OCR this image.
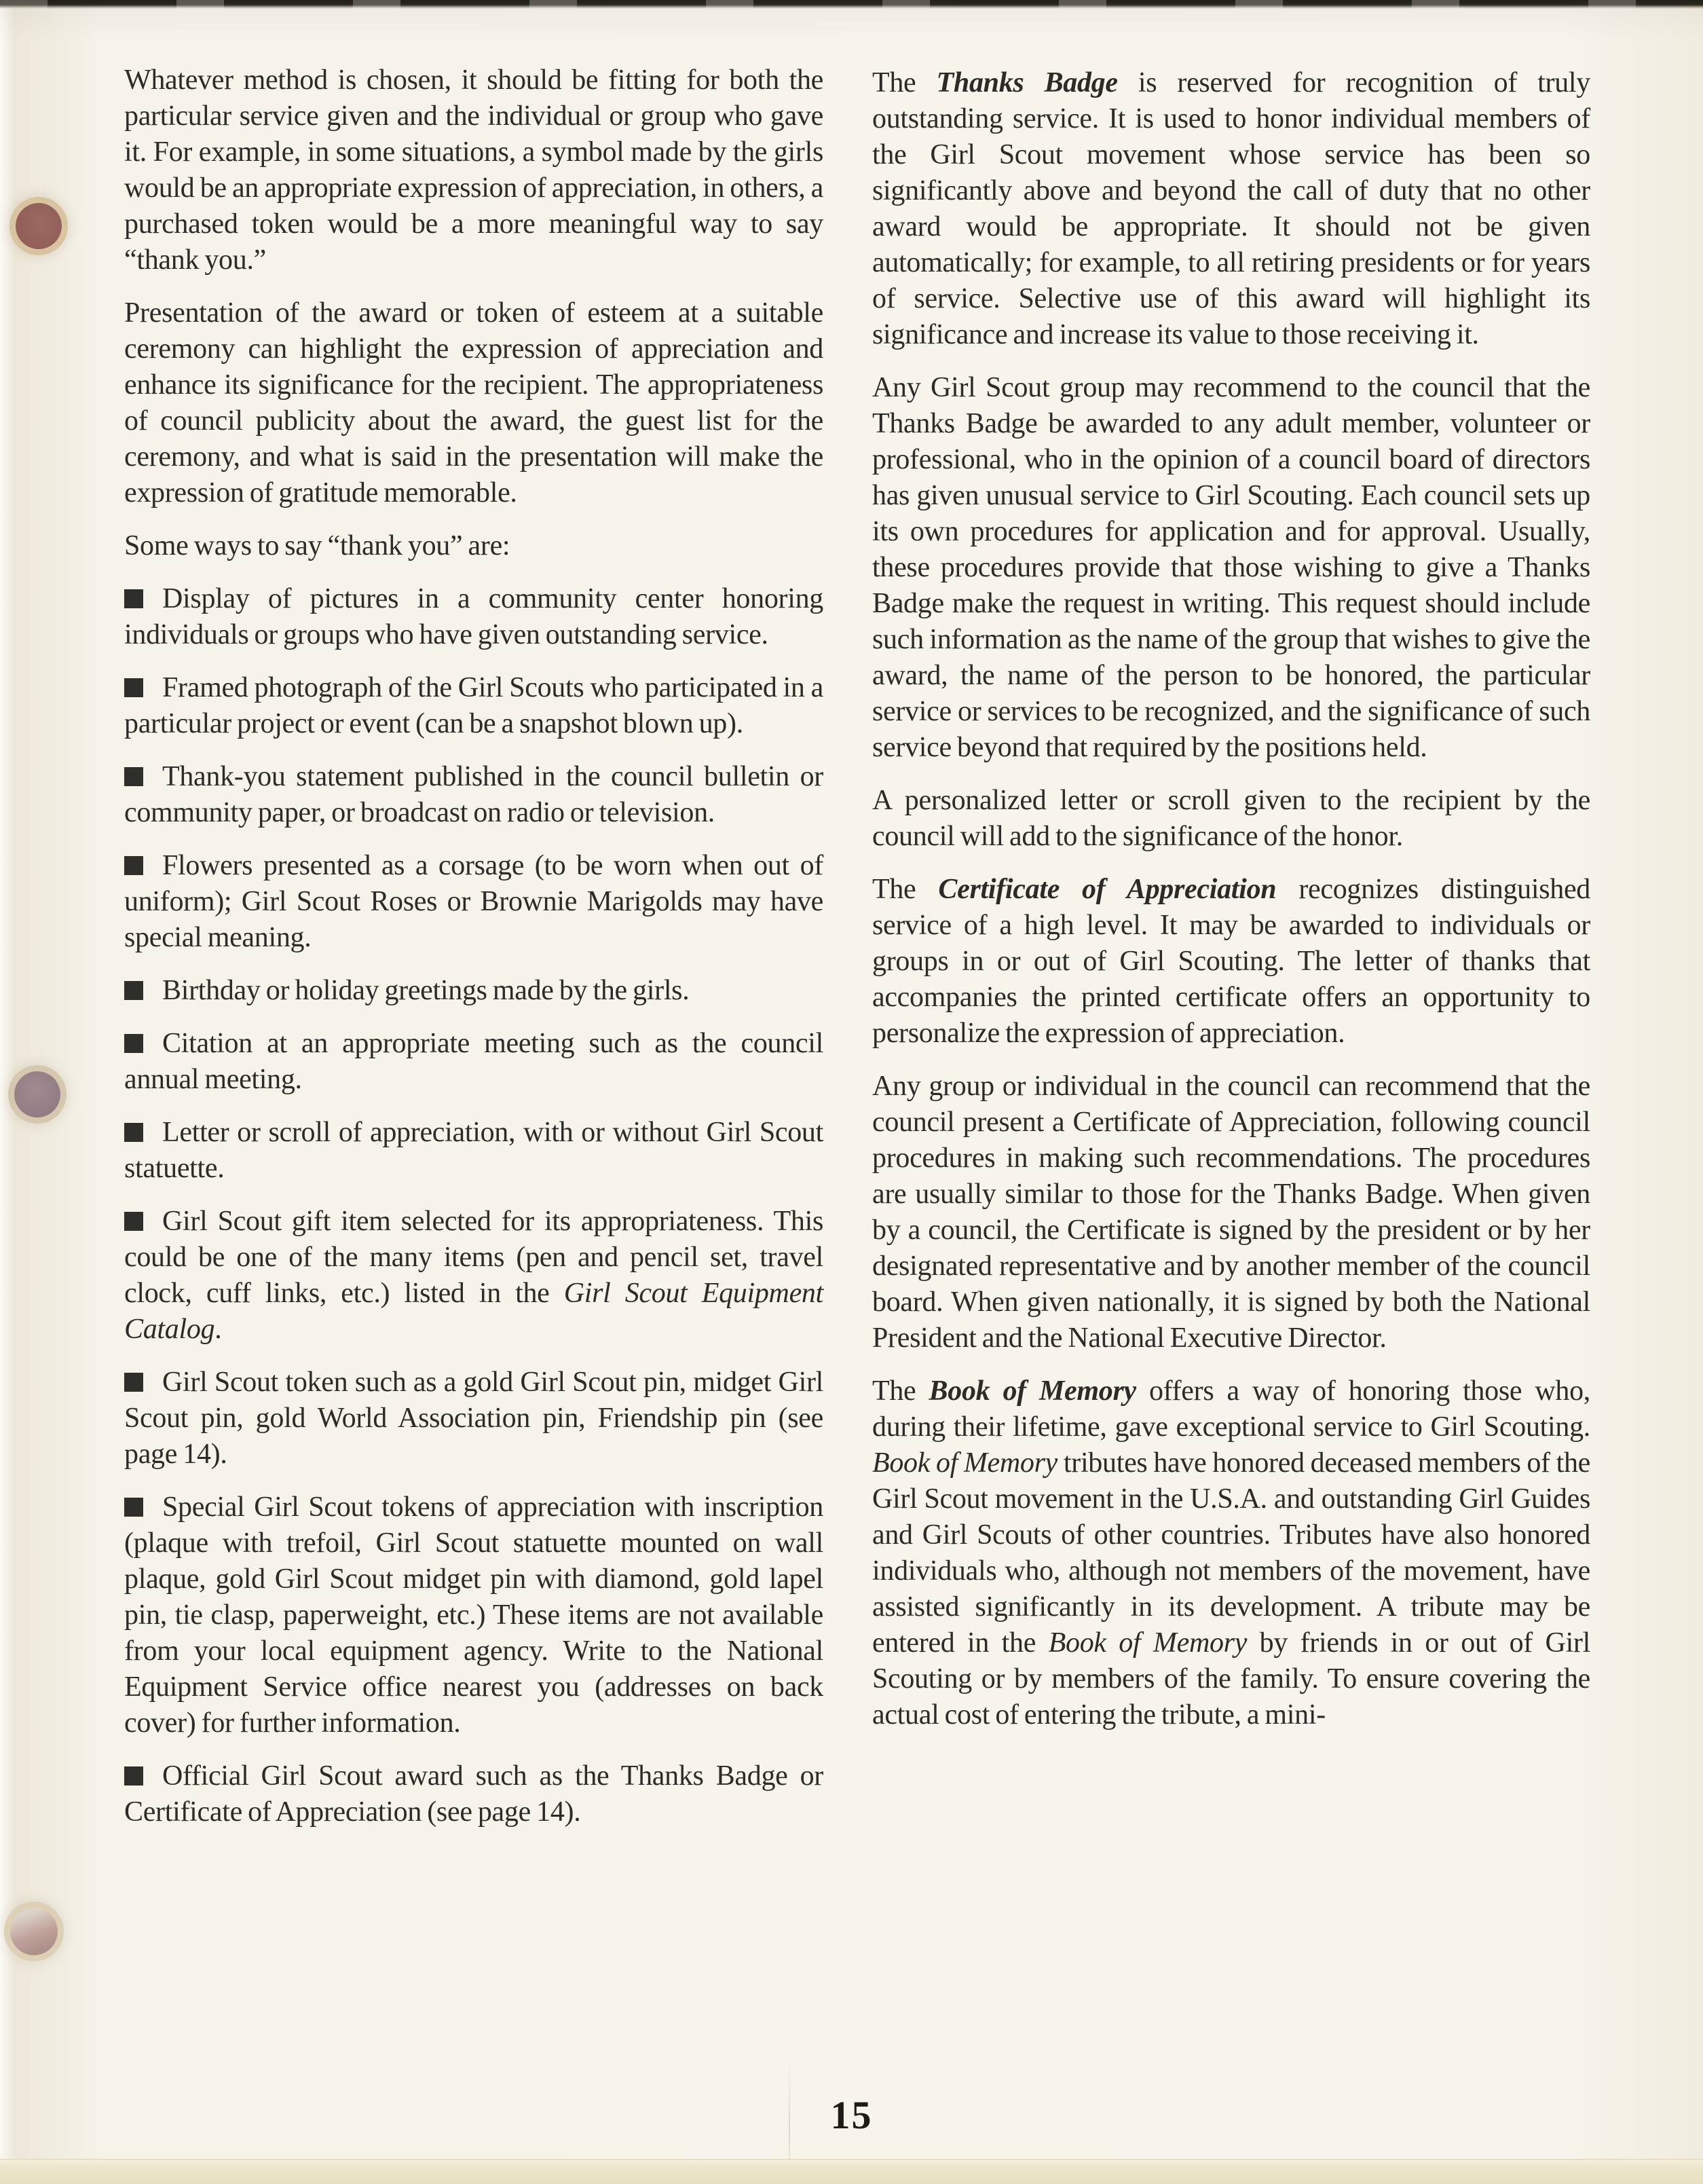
Whatever method is chosen, it should be fitting for both the particular service given and the individual or group who gave it. For example, in some situations, a symbol made by the girls would be an appropriate expression of appreciation, in others, a purchased token would be a more meaningful way to say “thank you.”

Presentation of the award or token of esteem at a suitable ceremony can highlight the expression of appreciation and enhance its significance for the recipient. The appropriateness of council publicity about the award, the guest list for the ceremony, and what is said in the presentation will make the expression of gratitude memorable.

Some ways to say “thank you” are:

Display of pictures in a community center honoring individuals or groups who have given outstanding service.

Framed photograph of the Girl Scouts who participated in a particular project or event (can be a snapshot blown up).

Thank-you statement published in the council bulletin or community paper, or broadcast on radio or television.

Flowers presented as a corsage (to be worn when out of uniform); Girl Scout Roses or Brownie Marigolds may have special meaning.

Birthday or holiday greetings made by the girls.

Citation at an appropriate meeting such as the council annual meeting.

Letter or scroll of appreciation, with or without Girl Scout statuette.

Girl Scout gift item selected for its appropriateness. This could be one of the many items (pen and pencil set, travel clock, cuff links, etc.) listed in the Girl Scout Equipment Catalog.

Girl Scout token such as a gold Girl Scout pin, midget Girl Scout pin, gold World Association pin, Friendship pin (see page 14).

Special Girl Scout tokens of appreciation with inscription (plaque with trefoil, Girl Scout statuette mounted on wall plaque, gold Girl Scout midget pin with diamond, gold lapel pin, tie clasp, paperweight, etc.) These items are not available from your local equipment agency. Write to the National Equipment Service office nearest you (addresses on back cover) for further information.

Official Girl Scout award such as the Thanks Badge or Certificate of Appreciation (see page 14).

The Thanks Badge is reserved for recognition of truly outstanding service. It is used to honor individual members of the Girl Scout movement whose service has been so significantly above and beyond the call of duty that no other award would be appropriate. It should not be given automatically; for example, to all retiring presidents or for years of service. Selective use of this award will highlight its significance and increase its value to those receiving it.

Any Girl Scout group may recommend to the council that the Thanks Badge be awarded to any adult member, volunteer or professional, who in the opinion of a council board of directors has given unusual service to Girl Scouting. Each council sets up its own procedures for application and for approval. Usually, these procedures provide that those wishing to give a Thanks Badge make the request in writing. This request should include such information as the name of the group that wishes to give the award, the name of the person to be honored, the particular service or services to be recognized, and the significance of such service beyond that required by the positions held.

A personalized letter or scroll given to the recipient by the council will add to the significance of the honor.

The Certificate of Appreciation recognizes distinguished service of a high level. It may be awarded to individuals or groups in or out of Girl Scouting. The letter of thanks that accompanies the printed certificate offers an opportunity to personalize the expression of appreciation.

Any group or individual in the council can recommend that the council present a Certificate of Appreciation, following council procedures in making such recommendations. The procedures are usually similar to those for the Thanks Badge. When given by a council, the Certificate is signed by the president or by her designated representative and by another member of the council board. When given nationally, it is signed by both the National President and the National Executive Director.

The Book of Memory offers a way of honoring those who, during their lifetime, gave exceptional service to Girl Scouting. Book of Memory tributes have honored deceased members of the Girl Scout movement in the U.S.A. and outstanding Girl Guides and Girl Scouts of other countries. Tributes have also honored individuals who, although not members of the movement, have assisted significantly in its development. A tribute may be entered in the Book of Memory by friends in or out of Girl Scouting or by members of the family. To ensure covering the actual cost of entering the tribute, a mini-

15
